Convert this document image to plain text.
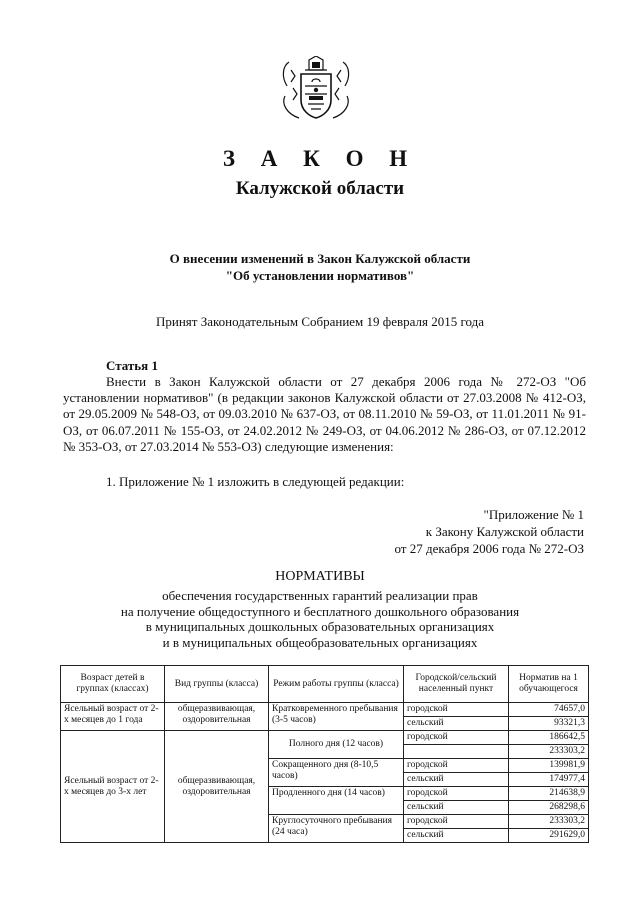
З А К О Н
Калужской области
О внесении изменений в Закон Калужской области
"Об установлении нормативов"
Принят Законодательным Собранием 19 февраля 2015 года
Статья 1
Внести в Закон Калужской области от 27 декабря 2006 года № 272-ОЗ "Об установлении нормативов" (в редакции законов Калужской области от 27.03.2008 № 412-ОЗ, от 29.05.2009 № 548-ОЗ, от 09.03.2010 № 637-ОЗ, от 08.11.2010 № 59-ОЗ, от 11.01.2011 № 91-ОЗ, от 06.07.2011 № 155-ОЗ, от 24.02.2012 № 249-ОЗ, от 04.06.2012 № 286-ОЗ, от 07.12.2012 № 353-ОЗ, от 27.03.2014 № 553-ОЗ) следующие изменения:
1. Приложение № 1 изложить в следующей редакции:
"Приложение № 1
к Закону Калужской области
от 27 декабря 2006 года № 272-ОЗ
НОРМАТИВЫ
обеспечения государственных гарантий реализации прав
на получение общедоступного и бесплатного дошкольного образования
в муниципальных дошкольных образовательных организациях
и в муниципальных общеобразовательных организациях
Возраст детей в группах (классах)	Вид группы (класса)	Режим работы группы (класса)	Городской/сельский населенный пункт	Норматив на 1 обучающегося
Ясельный возраст от 2-х месяцев до 1 года	общеразвивающая, оздоровительная	Кратковременного пребывания (3-5 часов)	городской	74657,0
			сельский	93321,3
Ясельный возраст от 2-х месяцев до 3-х лет	общеразвивающая, оздоровительная	Полного дня (12 часов)	городской	186642,5
				233303,2
		Сокращенного дня (8-10,5 часов)	городской	139981,9
			сельский	174977,4
		Продленного дня (14 часов)	городской	214638,9
			сельский	268298,6
		Круглосуточного пребывания (24 часа)	городской	233303,2
			сельский	291629,0
